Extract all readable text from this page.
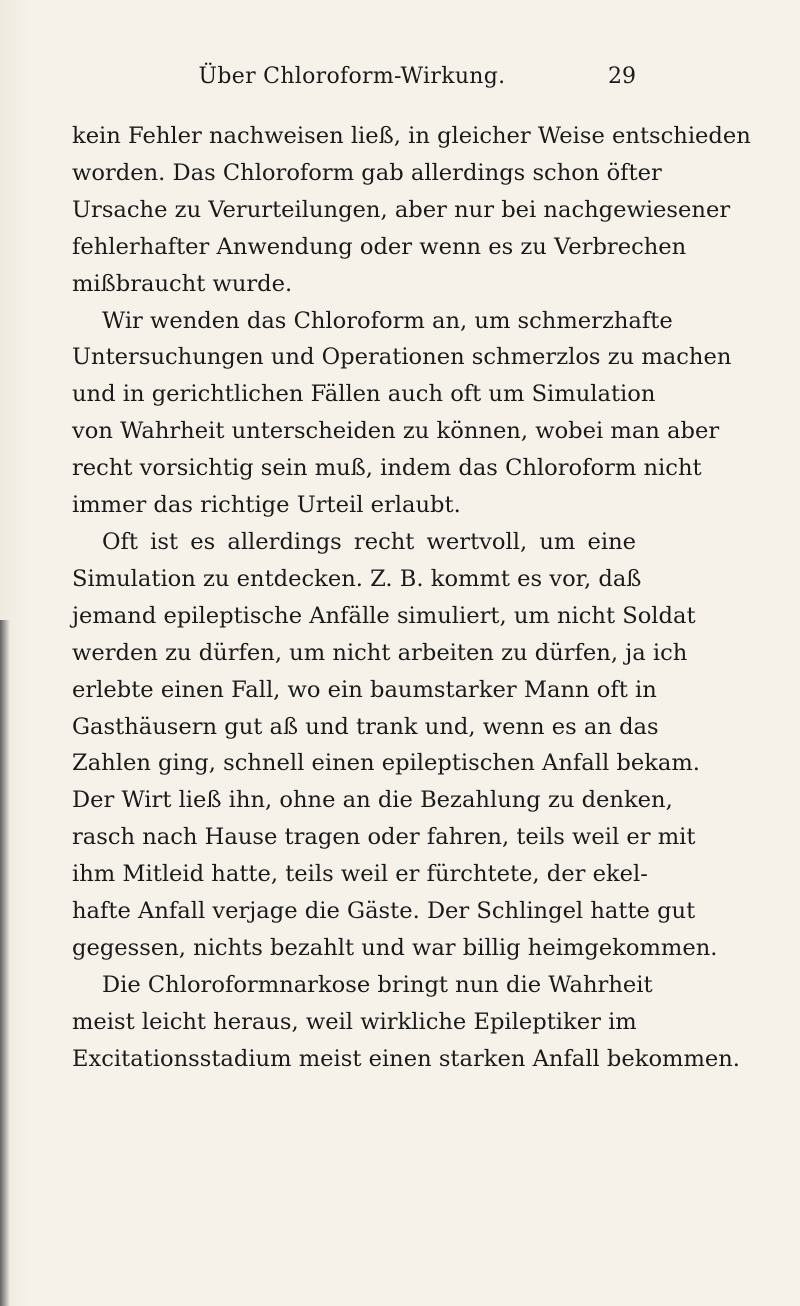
Über Chloroform-Wirkung.	29

kein Fehler nachweisen ließ, in gleicher Weise entschieden
worden. Das Chloroform gab allerdings schon öfter
Ursache zu Verurteilungen, aber nur bei nachgewiesener
fehlerhafter Anwendung oder wenn es zu Verbrechen
mißbraucht wurde.

Wir wenden das Chloroform an, um schmerzhafte
Untersuchungen und Operationen schmerzlos zu machen
und in gerichtlichen Fällen auch oft um Simulation
von Wahrheit unterscheiden zu können, wobei man aber
recht vorsichtig sein muß, indem das Chloroform nicht
immer das richtige Urteil erlaubt.

Oft ist es allerdings recht wertvoll, um eine
Simulation zu entdecken. Z. B. kommt es vor, daß
jemand epileptische Anfälle simuliert, um nicht Soldat
werden zu dürfen, um nicht arbeiten zu dürfen, ja ich
erlebte einen Fall, wo ein baumstarker Mann oft in
Gasthäusern gut aß und trank und, wenn es an das
Zahlen ging, schnell einen epileptischen Anfall bekam.
Der Wirt ließ ihn, ohne an die Bezahlung zu denken,
rasch nach Hause tragen oder fahren, teils weil er mit
ihm Mitleid hatte, teils weil er fürchtete, der ekel-
hafte Anfall verjage die Gäste. Der Schlingel hatte gut
gegessen, nichts bezahlt und war billig heimgekommen.

Die Chloroformnarkose bringt nun die Wahrheit
meist leicht heraus, weil wirkliche Epileptiker im
Excitationsstadium meist einen starken Anfall bekommen.
